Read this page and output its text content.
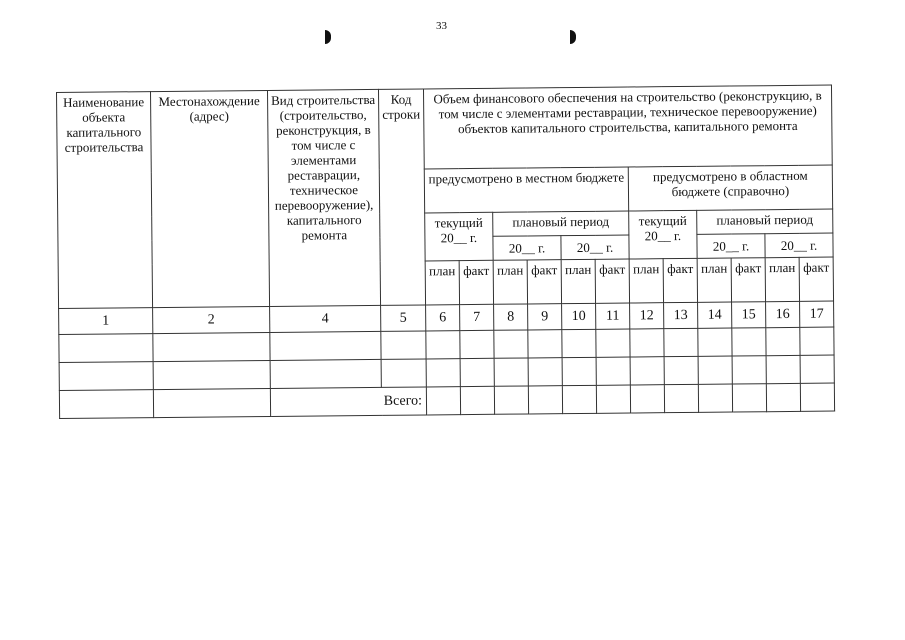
33
Наименование объекта капитального строительства	Местонахождение (адрес)	Вид строительства (строительство, реконструкция, в том числе с элементами реставрации, техническое перевооружение), капитального ремонта	Код строки	Объем финансового обеспечения на строительство (реконструкцию, в том числе с элементами реставрации, техническое перевооружение) объектов капитального строительства, капитального ремонта											
				предусмотрено в местном бюджете						предусмотрено в областном бюджете (справочно)					
				текущий 20__ г.		плановый период				текущий 20__ г.		плановый период			
						20__ г.		20__ г.				20__ г.		20__ г.	
				план	факт	план	факт	план	факт	план	факт	план	факт	план	факт
1	2	4	5	6	7	8	9	10	11	12	13	14	15	16	17

		Всего:													
